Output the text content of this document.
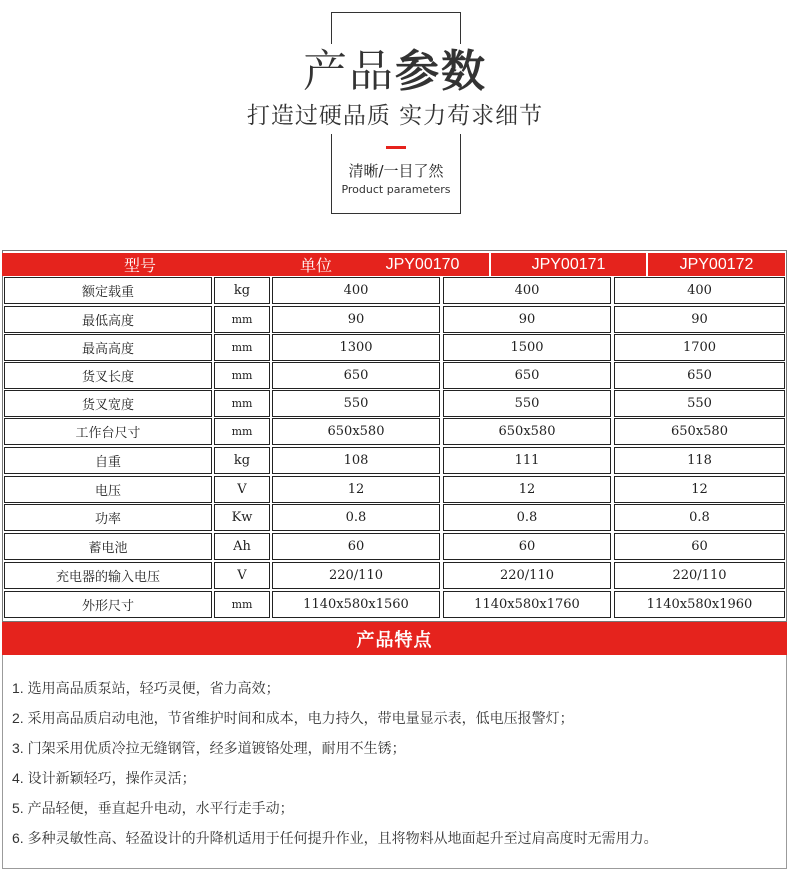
产品参数
打造过硬品质 实力苟求细节
清晰/一目了然
Product parameters
型号	单位	JPY00170	JPY00171	JPY00172
额定载重	kg	400	400	400
最低高度	mm	90	90	90
最高高度	mm	1300	1500	1700
货叉长度	mm	650	650	650
货叉宽度	mm	550	550	550
工作台尺寸	mm	650x580	650x580	650x580
自重	kg	108	111	118
电压	V	12	12	12
功率	Kw	0.8	0.8	0.8
蓄电池	Ah	60	60	60
充电器的输入电压	V	220/110	220/110	220/110
外形尺寸	mm	1140x580x1560	1140x580x1760	1140x580x1960
产品特点
1. 选用高品质泵站，轻巧灵便，省力高效；
2. 采用高品质启动电池，节省维护时间和成本，电力持久，带电量显示表，低电压报警灯；
3. 门架采用优质冷拉无缝钢管，经多道镀铬处理，耐用不生锈；
4. 设计新颖轻巧，操作灵活；
5. 产品轻便，垂直起升电动，水平行走手动；
6. 多种灵敏性高、轻盈设计的升降机适用于任何提升作业，且将物料从地面起升至过肩高度时无需用力。
